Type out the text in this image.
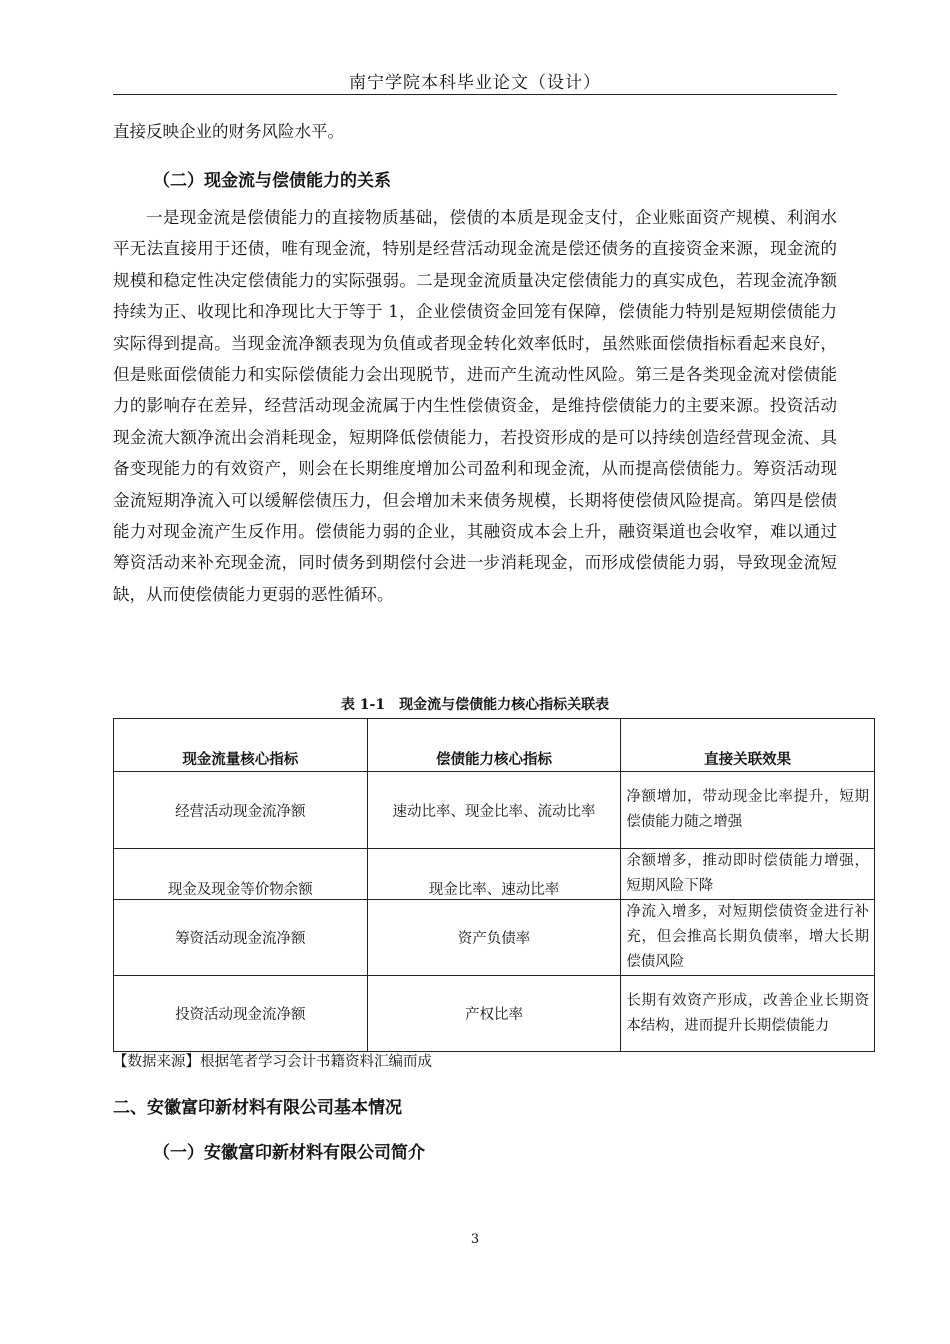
南宁学院本科毕业论文（设计）
直接反映企业的财务风险水平。
（二）现金流与偿债能力的关系

一是现金流是偿债能力的直接物质基础，偿债的本质是现金支付，企业账面资产规模、利润水平无法直接用于还债，唯有现金流，特别是经营活动现金流是偿还债务的直接资金来源，现金流的规模和稳定性决定偿债能力的实际强弱。二是现金流质量决定偿债能力的真实成色，若现金流净额持续为正、收现比和净现比大于等于 1，企业偿债资金回笼有保障，偿债能力特别是短期偿债能力实际得到提高。当现金流净额表现为负值或者现金转化效率低时，虽然账面偿债指标看起来良好，但是账面偿债能力和实际偿债能力会出现脱节，进而产生流动性风险。第三是各类现金流对偿债能力的影响存在差异，经营活动现金流属于内生性偿债资金，是维持偿债能力的主要来源。投资活动现金流大额净流出会消耗现金，短期降低偿债能力，若投资形成的是可以持续创造经营现金流、具备变现能力的有效资产，则会在长期维度增加公司盈利和现金流，从而提高偿债能力。筹资活动现金流短期净流入可以缓解偿债压力，但会增加未来债务规模，长期将使偿债风险提高。第四是偿债能力对现金流产生反作用。偿债能力弱的企业，其融资成本会上升，融资渠道也会收窄，难以通过筹资活动来补充现金流，同时债务到期偿付会进一步消耗现金，而形成偿债能力弱，导致现金流短缺，从而使偿债能力更弱的恶性循环。

表 1-1　现金流与偿债能力核心指标关联表
现金流量核心指标	偿债能力核心指标	直接关联效果
经营活动现金流净额	速动比率、现金比率、流动比率	净额增加，带动现金比率提升，短期偿债能力随之增强
现金及现金等价物余额	现金比率、速动比率	余额增多，推动即时偿债能力增强，短期风险下降
筹资活动现金流净额	资产负债率	净流入增多，对短期偿债资金进行补充，但会推高长期负债率，增大长期偿债风险
投资活动现金流净额	产权比率	长期有效资产形成，改善企业长期资本结构，进而提升长期偿债能力
【数据来源】根据笔者学习会计书籍资料汇编而成
二、安徽富印新材料有限公司基本情况
（一）安徽富印新材料有限公司简介
3
